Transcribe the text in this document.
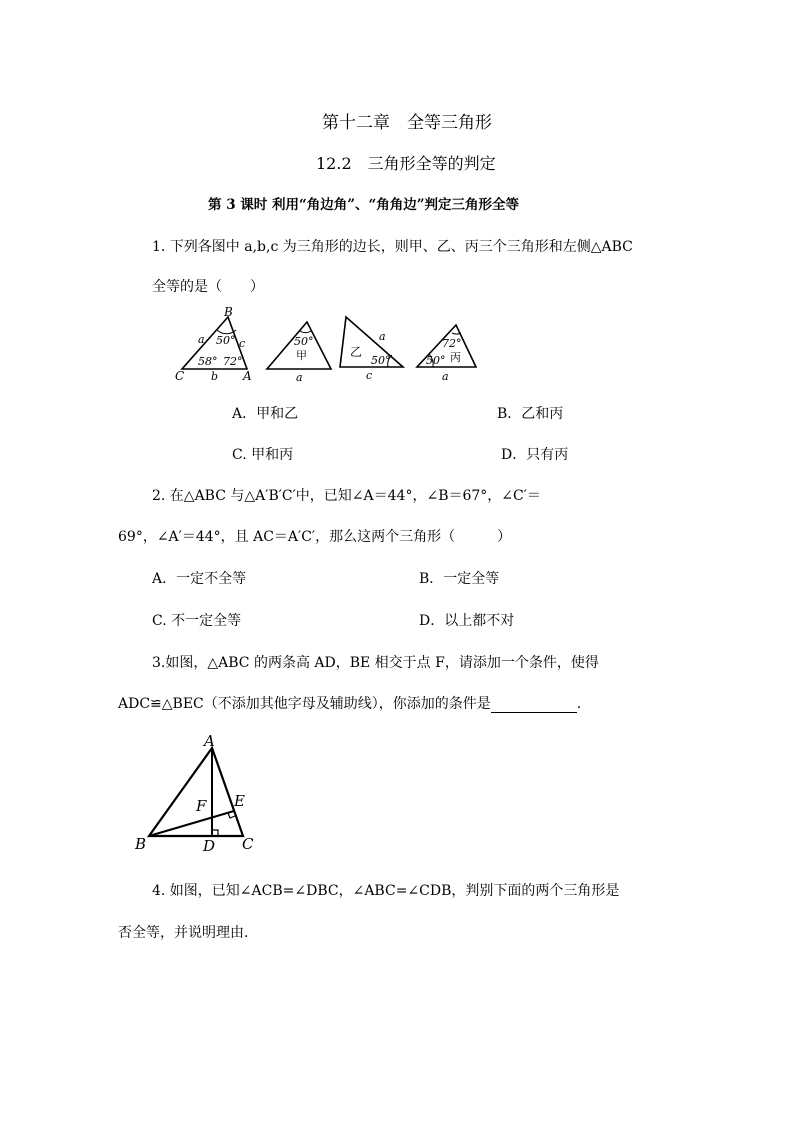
第十二章　全等三角形
12.2　三角形全等的判定
第 3 课时 利用“角边角”、“角角边”判定三角形全等
1. 下列各图中 a,b,c 为三角形的边长，则甲、乙、丙三个三角形和左侧△ABC
全等的是（　　）
B
C	A
a	c
b
50°
58° 72°
50°
甲
a
乙
50°
a
c
72°
50° 丙
a
A．甲和乙	B．乙和丙
C. 甲和丙	D．只有丙
2. 在△ABC 与△A′B′C′中，已知∠A＝44°，∠B＝67°，∠C′＝
69°，∠A′＝44°，且 AC＝A′C′，那么这两个三角形（　　　）
A．一定不全等	B．一定全等
C. 不一定全等	D．以上都不对
3.如图，△ABC 的两条高 AD，BE 相交于点 F，请添加一个条件，使得
ADC≌△BEC（不添加其他字母及辅助线），你添加的条件是	.
A
B	C
D
E
F
4. 如图，已知∠ACB=∠DBC，∠ABC=∠CDB，判别下面的两个三角形是
否全等，并说明理由.
